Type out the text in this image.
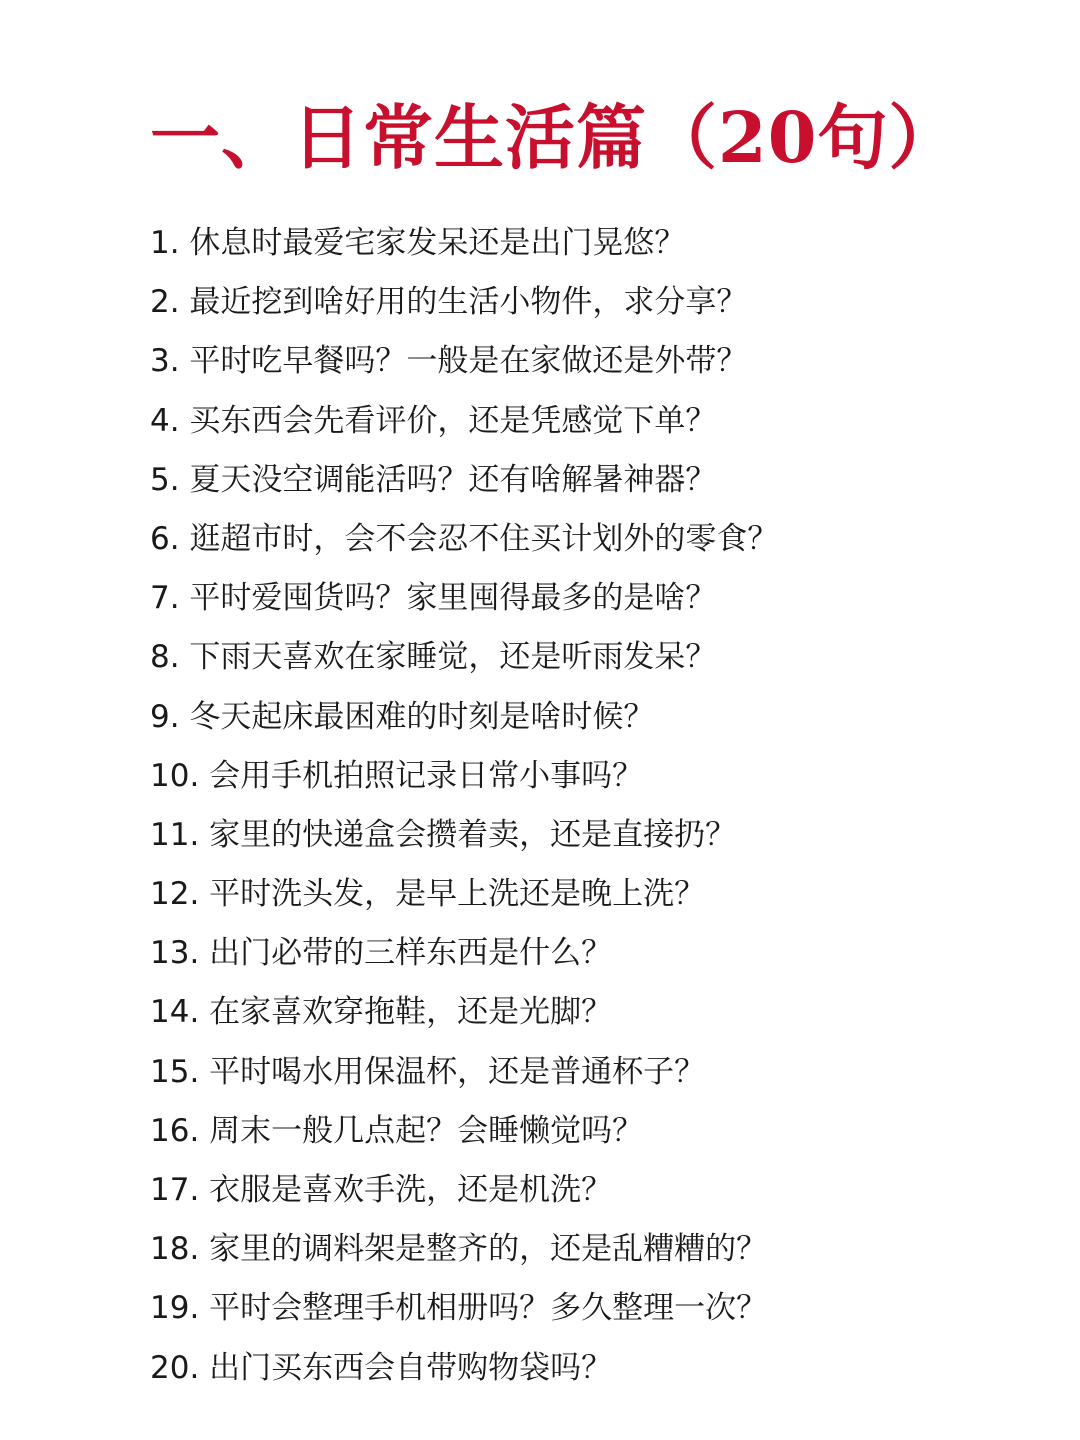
一、日常生活篇（20句）
1. 休息时最爱宅家发呆还是出门晃悠？
2. 最近挖到啥好用的生活小物件，求分享？
3. 平时吃早餐吗？一般是在家做还是外带？
4. 买东西会先看评价，还是凭感觉下单？
5. 夏天没空调能活吗？还有啥解暑神器？
6. 逛超市时，会不会忍不住买计划外的零食？
7. 平时爱囤货吗？家里囤得最多的是啥？
8. 下雨天喜欢在家睡觉，还是听雨发呆？
9. 冬天起床最困难的时刻是啥时候？
10. 会用手机拍照记录日常小事吗？
11. 家里的快递盒会攒着卖，还是直接扔？
12. 平时洗头发，是早上洗还是晚上洗？
13. 出门必带的三样东西是什么？
14. 在家喜欢穿拖鞋，还是光脚？
15. 平时喝水用保温杯，还是普通杯子？
16. 周末一般几点起？会睡懒觉吗？
17. 衣服是喜欢手洗，还是机洗？
18. 家里的调料架是整齐的，还是乱糟糟的？
19. 平时会整理手机相册吗？多久整理一次？
20. 出门买东西会自带购物袋吗？
